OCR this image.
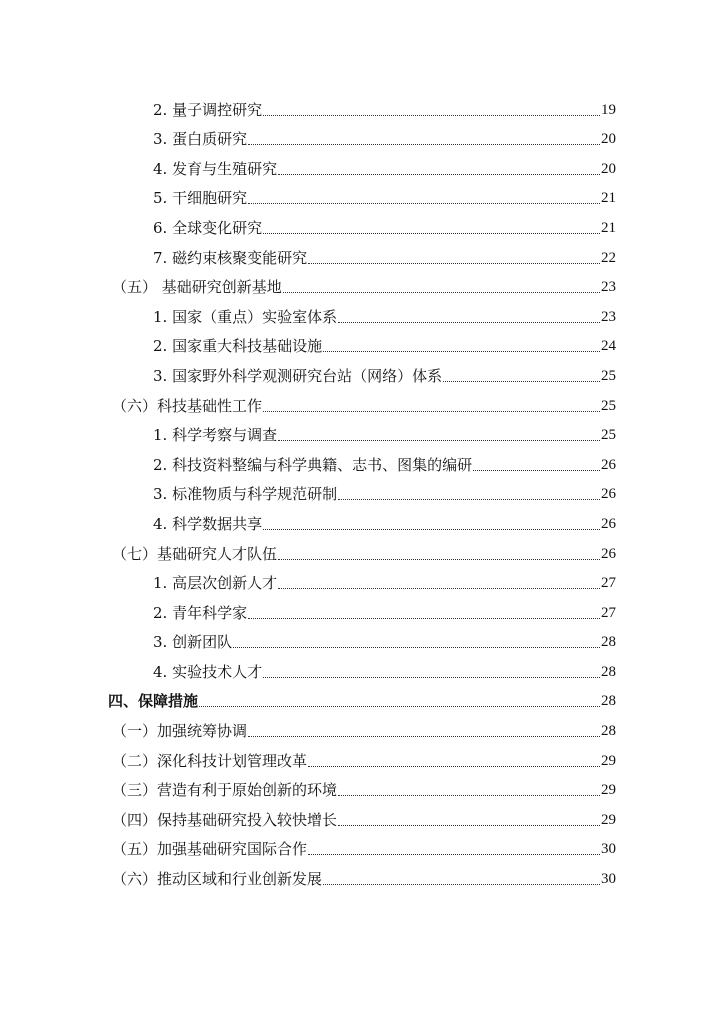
2. 量子调控研究	19
3. 蛋白质研究	20
4. 发育与生殖研究	20
5. 干细胞研究	21
6. 全球变化研究	21
7. 磁约束核聚变能研究	22
（五） 基础研究创新基地	23
1. 国家（重点）实验室体系	23
2. 国家重大科技基础设施	24
3. 国家野外科学观测研究台站（网络）体系	25
（六）科技基础性工作	25
1. 科学考察与调查	25
2. 科技资料整编与科学典籍、志书、图集的编研	26
3. 标准物质与科学规范研制	26
4. 科学数据共享	26
（七）基础研究人才队伍	26
1. 高层次创新人才	27
2. 青年科学家	27
3. 创新团队	28
4. 实验技术人才	28
四、保障措施	28
（一）加强统筹协调	28
（二）深化科技计划管理改革	29
（三）营造有利于原始创新的环境	29
（四）保持基础研究投入较快增长	29
（五）加强基础研究国际合作	30
（六）推动区域和行业创新发展	30
